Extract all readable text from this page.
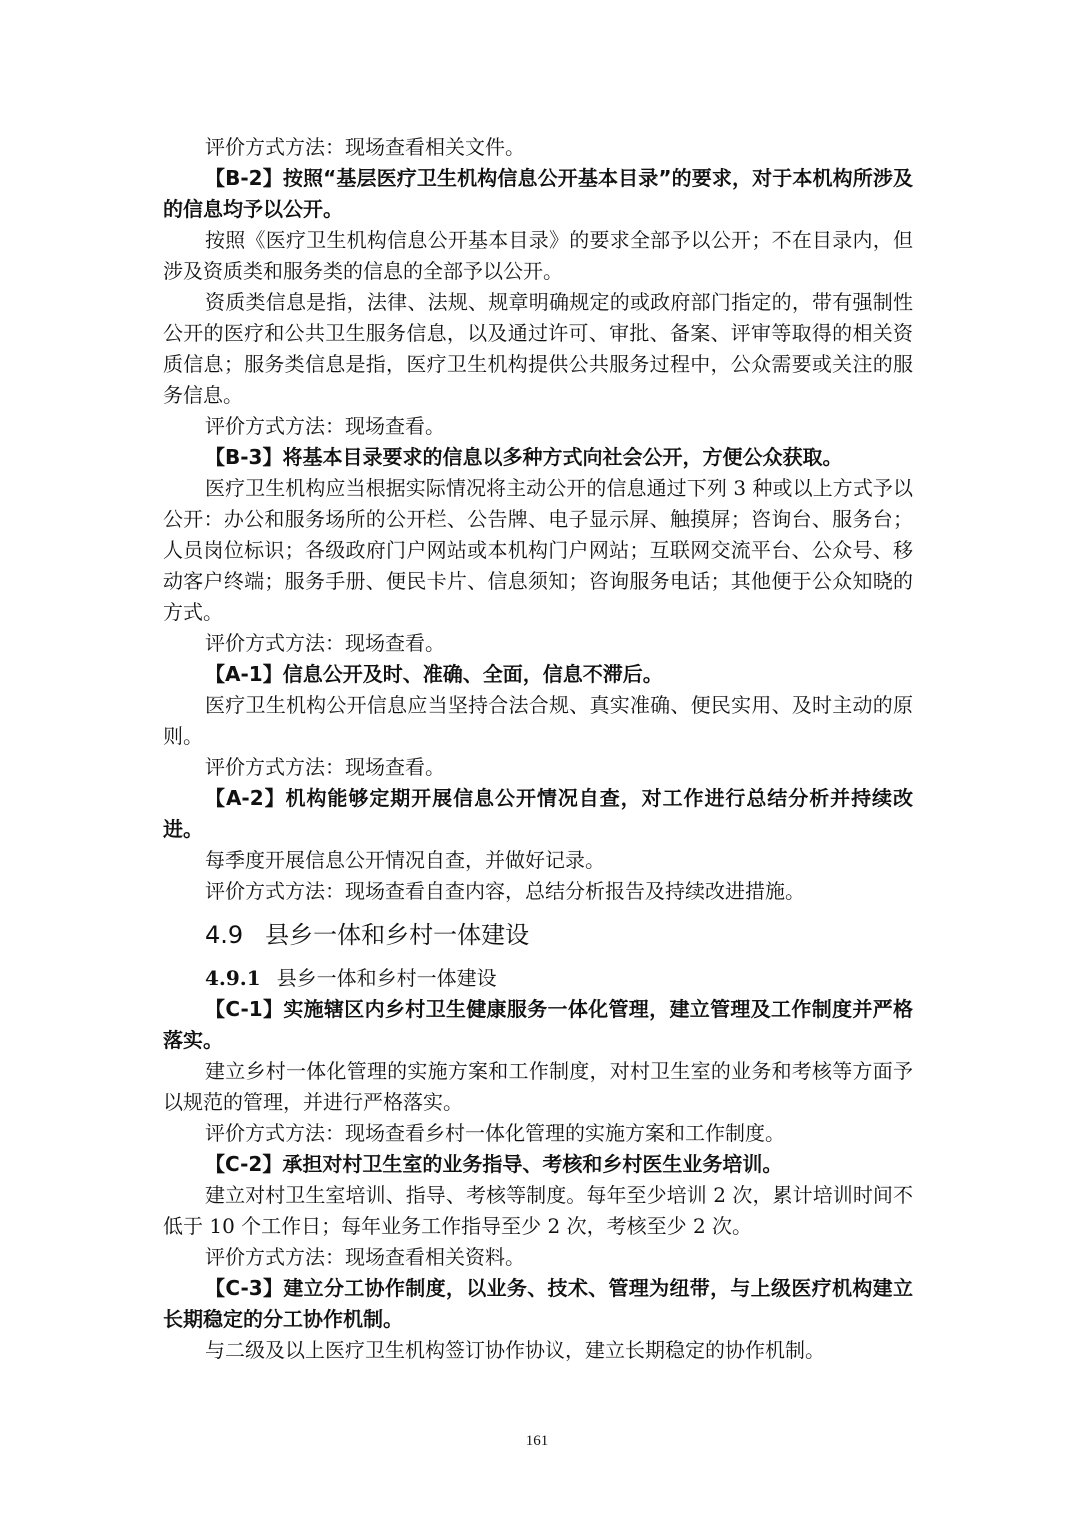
评价方式方法：现场查看相关文件。

【B-2】按照“基层医疗卫生机构信息公开基本目录”的要求，对于本机构所涉及的信息均予以公开。

按照《医疗卫生机构信息公开基本目录》的要求全部予以公开；不在目录内，但涉及资质类和服务类的信息的全部予以公开。

资质类信息是指，法律、法规、规章明确规定的或政府部门指定的，带有强制性公开的医疗和公共卫生服务信息，以及通过许可、审批、备案、评审等取得的相关资质信息；服务类信息是指，医疗卫生机构提供公共服务过程中，公众需要或关注的服务信息。

评价方式方法：现场查看。

【B-3】将基本目录要求的信息以多种方式向社会公开，方便公众获取。

医疗卫生机构应当根据实际情况将主动公开的信息通过下列 3 种或以上方式予以公开：办公和服务场所的公开栏、公告牌、电子显示屏、触摸屏；咨询台、服务台；人员岗位标识；各级政府门户网站或本机构门户网站；互联网交流平台、公众号、移动客户终端；服务手册、便民卡片、信息须知；咨询服务电话；其他便于公众知晓的方式。

评价方式方法：现场查看。

【A-1】信息公开及时、准确、全面，信息不滞后。

医疗卫生机构公开信息应当坚持合法合规、真实准确、便民实用、及时主动的原则。

评价方式方法：现场查看。

【A-2】机构能够定期开展信息公开情况自查，对工作进行总结分析并持续改进。

每季度开展信息公开情况自查，并做好记录。

评价方式方法：现场查看自查内容，总结分析报告及持续改进措施。

4.9 县乡一体和乡村一体建设
4.9.1 县乡一体和乡村一体建设

【C-1】实施辖区内乡村卫生健康服务一体化管理，建立管理及工作制度并严格落实。

建立乡村一体化管理的实施方案和工作制度，对村卫生室的业务和考核等方面予以规范的管理，并进行严格落实。

评价方式方法：现场查看乡村一体化管理的实施方案和工作制度。

【C-2】承担对村卫生室的业务指导、考核和乡村医生业务培训。

建立对村卫生室培训、指导、考核等制度。每年至少培训 2 次，累计培训时间不低于 10 个工作日；每年业务工作指导至少 2 次，考核至少 2 次。

评价方式方法：现场查看相关资料。

【C-3】建立分工协作制度，以业务、技术、管理为纽带，与上级医疗机构建立长期稳定的分工协作机制。

与二级及以上医疗卫生机构签订协作协议，建立长期稳定的协作机制。

161
